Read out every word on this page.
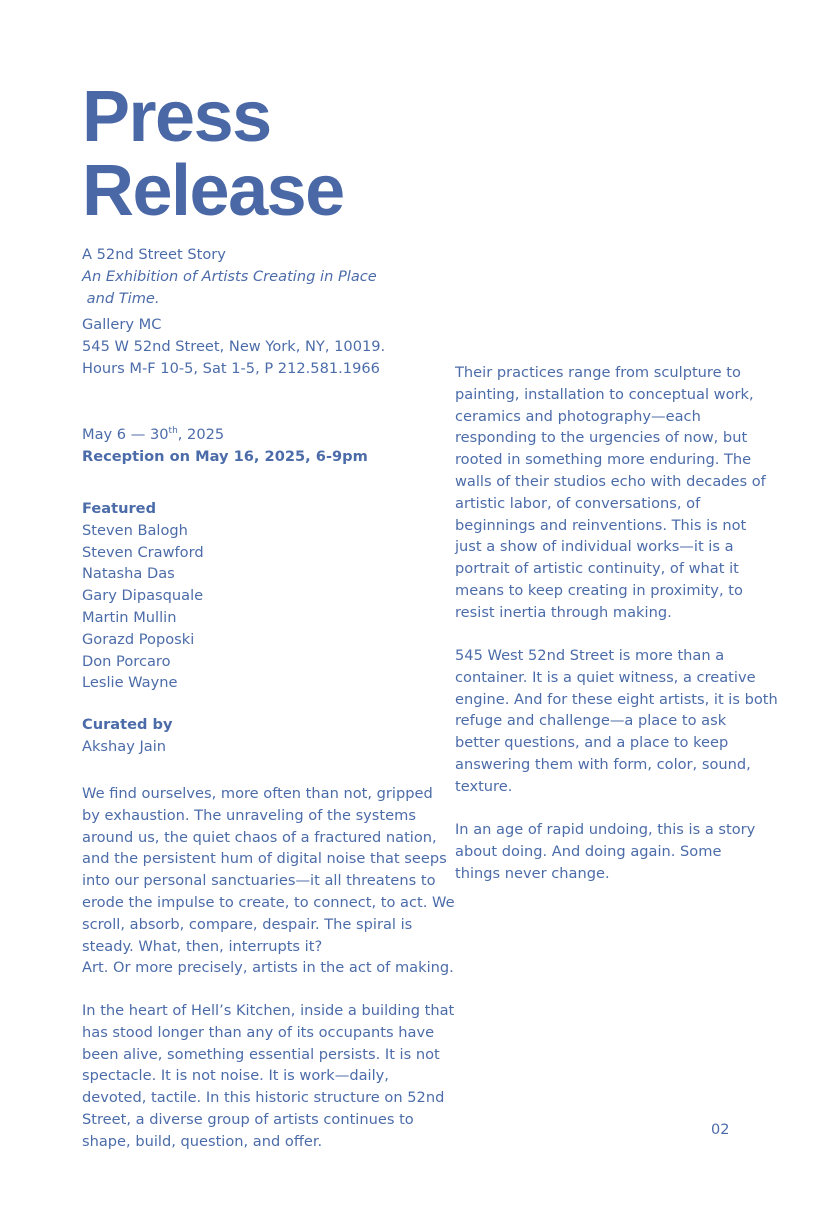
Press
Release
A 52nd Street Story
An Exhibition of Artists Creating in Place
and Time.
Gallery MC
545 W 52nd Street, New York, NY, 10019.
Hours M-F 10-5, Sat 1-5, P 212.581.1966
May 6 — 30th, 2025
Reception on May 16, 2025, 6-9pm
Featured
Steven Balogh
Steven Crawford
Natasha Das
Gary Dipasquale
Martin Mullin
Gorazd Poposki
Don Porcaro
Leslie Wayne
Curated by
Akshay Jain
We find ourselves, more often than not, gripped
by exhaustion. The unraveling of the systems
around us, the quiet chaos of a fractured nation,
and the persistent hum of digital noise that seeps
into our personal sanctuaries—it all threatens to
erode the impulse to create, to connect, to act. We
scroll, absorb, compare, despair. The spiral is
steady. What, then, interrupts it?
Art. Or more precisely, artists in the act of making.
In the heart of Hell’s Kitchen, inside a building that
has stood longer than any of its occupants have
been alive, something essential persists. It is not
spectacle. It is not noise. It is work—daily,
devoted, tactile. In this historic structure on 52nd
Street, a diverse group of artists continues to
shape, build, question, and offer.
Their practices range from sculpture to
painting, installation to conceptual work,
ceramics and photography—each
responding to the urgencies of now, but
rooted in something more enduring. The
walls of their studios echo with decades of
artistic labor, of conversations, of
beginnings and reinventions. This is not
just a show of individual works—it is a
portrait of artistic continuity, of what it
means to keep creating in proximity, to
resist inertia through making.
545 West 52nd Street is more than a
container. It is a quiet witness, a creative
engine. And for these eight artists, it is both
refuge and challenge—a place to ask
better questions, and a place to keep
answering them with form, color, sound,
texture.
In an age of rapid undoing, this is a story
about doing. And doing again. Some
things never change.
02
